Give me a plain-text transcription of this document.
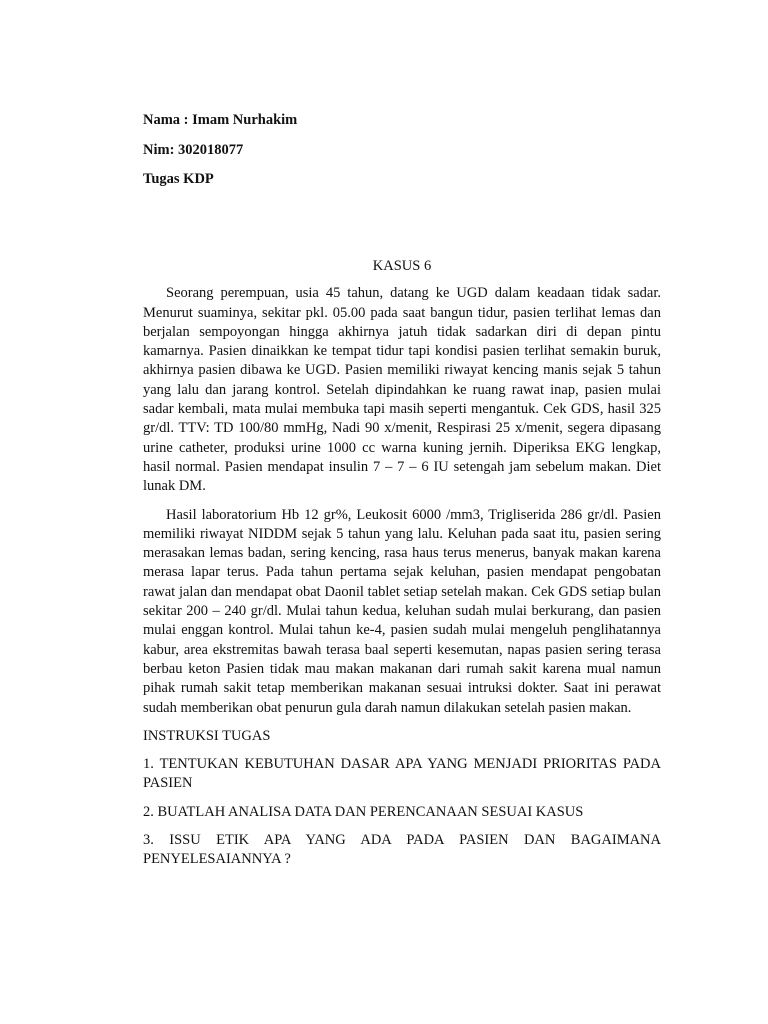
Nama : Imam Nurhakim

Nim: 302018077

Tugas KDP

KASUS 6

Seorang perempuan, usia 45 tahun, datang ke UGD dalam keadaan tidak sadar. Menurut suaminya, sekitar pkl. 05.00 pada saat bangun tidur, pasien terlihat lemas dan berjalan sempoyongan hingga akhirnya jatuh tidak sadarkan diri di depan pintu kamarnya. Pasien dinaikkan ke tempat tidur tapi kondisi pasien terlihat semakin buruk, akhirnya pasien dibawa ke UGD. Pasien memiliki riwayat kencing manis sejak 5 tahun yang lalu dan jarang kontrol. Setelah dipindahkan ke ruang rawat inap, pasien mulai sadar kembali, mata mulai membuka tapi masih seperti mengantuk. Cek GDS, hasil 325 gr/dl. TTV: TD 100/80 mmHg, Nadi 90 x/menit, Respirasi 25 x/menit, segera dipasang urine catheter, produksi urine 1000 cc warna kuning jernih. Diperiksa EKG lengkap, hasil normal. Pasien mendapat insulin 7 – 7 – 6 IU setengah jam sebelum makan. Diet lunak DM.

Hasil laboratorium Hb 12 gr%, Leukosit 6000 /mm3, Trigliserida 286 gr/dl. Pasien memiliki riwayat NIDDM sejak 5 tahun yang lalu. Keluhan pada saat itu, pasien sering merasakan lemas badan, sering kencing, rasa haus terus menerus, banyak makan karena merasa lapar terus. Pada tahun pertama sejak keluhan, pasien mendapat pengobatan rawat jalan dan mendapat obat Daonil tablet setiap setelah makan. Cek GDS setiap bulan sekitar 200 – 240 gr/dl. Mulai tahun kedua, keluhan sudah mulai berkurang, dan pasien mulai enggan kontrol. Mulai tahun ke-4, pasien sudah mulai mengeluh penglihatannya kabur, area ekstremitas bawah terasa baal seperti kesemutan, napas pasien sering terasa berbau keton Pasien tidak mau makan makanan dari rumah sakit karena mual namun pihak rumah sakit tetap memberikan makanan sesuai intruksi dokter. Saat ini perawat sudah memberikan obat penurun gula darah namun dilakukan setelah pasien makan.

INSTRUKSI TUGAS

1. TENTUKAN KEBUTUHAN DASAR APA YANG MENJADI PRIORITAS PADA PASIEN

2. BUATLAH ANALISA DATA DAN PERENCANAAN SESUAI KASUS

3. ISSU ETIK APA YANG ADA PADA PASIEN DAN BAGAIMANA PENYELESAIANNYA ?
